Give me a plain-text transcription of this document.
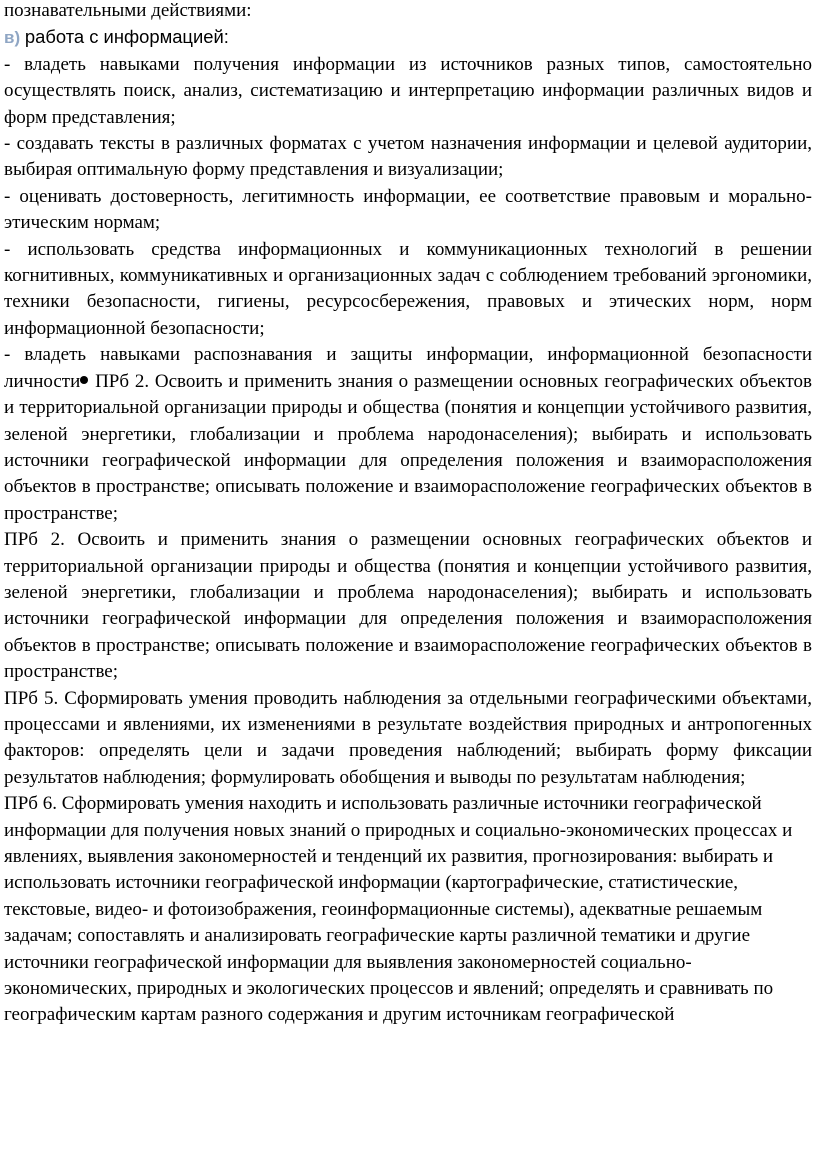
познавательными действиями:

в) работа с информацией:

- владеть навыками получения информации из источников разных типов, самостоятельно осуществлять поиск, анализ, систематизацию и интерпретацию информации различных видов и форм представления;

- создавать тексты в различных форматах с учетом назначения информации и целевой аудитории, выбирая оптимальную форму представления и визуализации;

- оценивать достоверность, легитимность информации, ее соответствие правовым и морально-этическим нормам;

- использовать средства информационных и коммуникационных технологий в решении когнитивных, коммуникативных и организационных задач с соблюдением требований эргономики, техники безопасности, гигиены, ресурсосбережения, правовых и этических норм, норм информационной безопасности;

- владеть навыками распознавания и защиты информации, информационной безопасности личности ПРб 2. Освоить и применить знания о размещении основных географических объектов и территориальной организации природы и общества (понятия и концепции устойчивого развития, зеленой энергетики, глобализации и проблема народонаселения); выбирать и использовать источники географической информации для определения положения и взаиморасположения объектов в пространстве; описывать положение и взаиморасположение географических объектов в пространстве;

ПРб 2. Освоить и применить знания о размещении основных географических объектов и территориальной организации природы и общества (понятия и концепции устойчивого развития, зеленой энергетики, глобализации и проблема народонаселения); выбирать и использовать источники географической информации для определения положения и взаиморасположения объектов в пространстве; описывать положение и взаиморасположение географических объектов в пространстве;

ПРб 5. Сформировать умения проводить наблюдения за отдельными географическими объектами, процессами и явлениями, их изменениями в результате воздействия природных и антропогенных факторов: определять цели и задачи проведения наблюдений; выбирать форму фиксации результатов наблюдения; формулировать обобщения и выводы по результатам наблюдения;

ПРб 6. Сформировать умения находить и использовать различные источники географической информации для получения новых знаний о природных и социально-экономических процессах и явлениях, выявления закономерностей и тенденций их развития, прогнозирования: выбирать и использовать источники географической информации (картографические, статистические, текстовые, видео- и фотоизображения, геоинформационные системы), адекватные решаемым задачам; сопоставлять и анализировать географические карты различной тематики и другие источники географической информации для выявления закономерностей социально-экономических, природных и экологических процессов и явлений; определять и сравнивать по географическим картам разного содержания и другим источникам географической
